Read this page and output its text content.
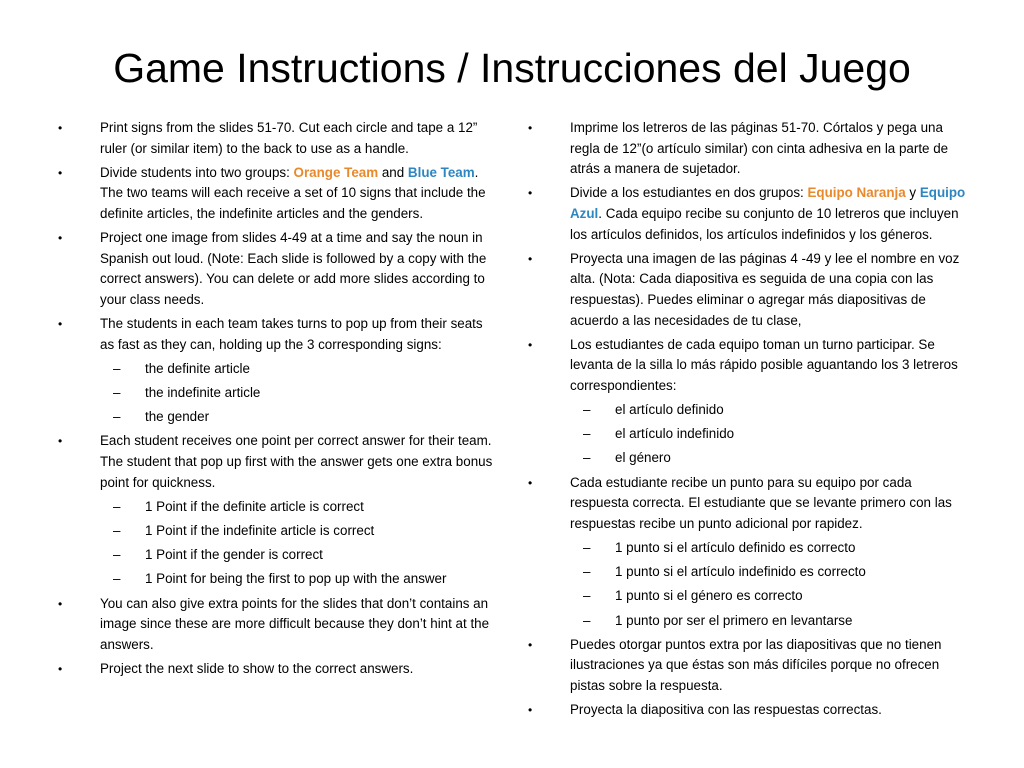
Game Instructions / Instrucciones del Juego
•	Print signs from the slides 51-70. Cut each circle and tape a 12” ruler (or similar item) to the back to use as a handle.
•	Divide students into two groups: Orange Team and Blue Team. The two teams will each receive a set of 10 signs that include the definite articles, the indefinite articles and the genders.
•	Project one image from slides 4-49 at a time and say the noun in Spanish out loud. (Note: Each slide is followed by a copy with the correct answers). You can delete or add more slides according to your class needs.
•	The students in each team takes turns to pop up from their seats as fast as they can, holding up the 3 corresponding signs:
– the definite article
– the indefinite article
– the gender
•	Each student receives one point per correct answer for their team. The student that pop up first with the answer gets one extra bonus point for quickness.
– 1 Point if the definite article is correct
– 1 Point if the indefinite article is correct
– 1 Point if the gender is correct
– 1 Point for being the first to pop up with the answer
•	You can also give extra points for the slides that don’t contains an image since these are more difficult because they don’t hint at the answers.
•	Project the next slide to show to the correct answers.
•	Imprime los letreros de las páginas 51-70. Córtalos y pega una regla de 12”(o artículo similar) con cinta adhesiva en la parte de atrás a manera de sujetador.
•	Divide a los estudiantes en dos grupos: Equipo Naranja y Equipo Azul. Cada equipo recibe su conjunto de 10 letreros que incluyen los artículos definidos, los artículos indefinidos y los géneros.
•	Proyecta una imagen de las páginas 4 -49 y lee el nombre en voz alta. (Nota: Cada diapositiva es seguida de una copia con las respuestas). Puedes eliminar o agregar más diapositivas de acuerdo a las necesidades de tu clase,
•	Los estudiantes de cada equipo toman un turno participar. Se levanta de la silla lo más rápido posible aguantando los 3 letreros correspondientes:
– el artículo definido
– el artículo indefinido
– el género
•	Cada estudiante recibe un punto para su equipo por cada respuesta correcta. El estudiante que se levante primero con las respuestas recibe un punto adicional por rapidez.
– 1 punto si el artículo definido es correcto
– 1 punto si el artículo indefinido es correcto
– 1 punto si el género es correcto
– 1 punto por ser el primero en levantarse
•	Puedes otorgar puntos extra por las diapositivas que no tienen ilustraciones ya que éstas son más difíciles porque no ofrecen pistas sobre la respuesta.
•	Proyecta la diapositiva con las respuestas correctas.
